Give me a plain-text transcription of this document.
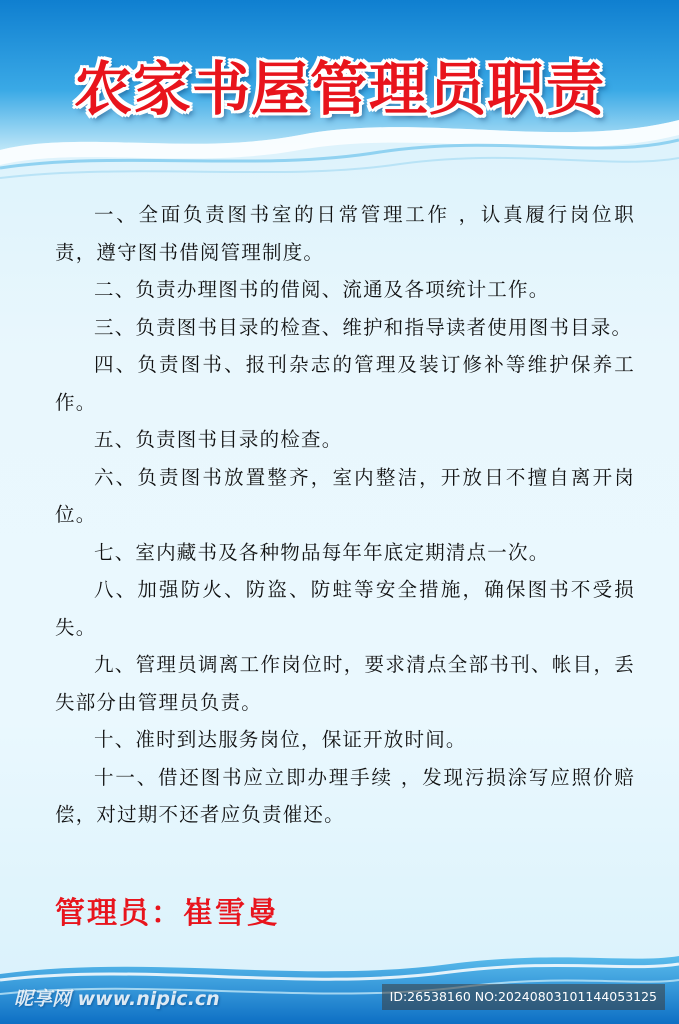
农家书屋管理员职责

一、全面负责图书室的日常管理工作 ，认真履行岗位职责，遵守图书借阅管理制度。

二、负责办理图书的借阅、流通及各项统计工作。

三、负责图书目录的检查、维护和指导读者使用图书目录。

四、负责图书、报刊杂志的管理及装订修补等维护保养工作。

五、负责图书目录的检查。

六、负责图书放置整齐，室内整洁，开放日不擅自离开岗位。

七、室内藏书及各种物品每年年底定期清点一次。

八、加强防火、防盗、防蛀等安全措施，确保图书不受损失。

九、管理员调离工作岗位时，要求清点全部书刊、帐目，丢失部分由管理员负责。

十、准时到达服务岗位，保证开放时间。

十一、借还图书应立即办理手续 ，发现污损涂写应照价赔偿，对过期不还者应负责催还。

管理员：崔雪曼
昵享网 www.nipic.cn	ID:26538160 NO:20240803101144053125
